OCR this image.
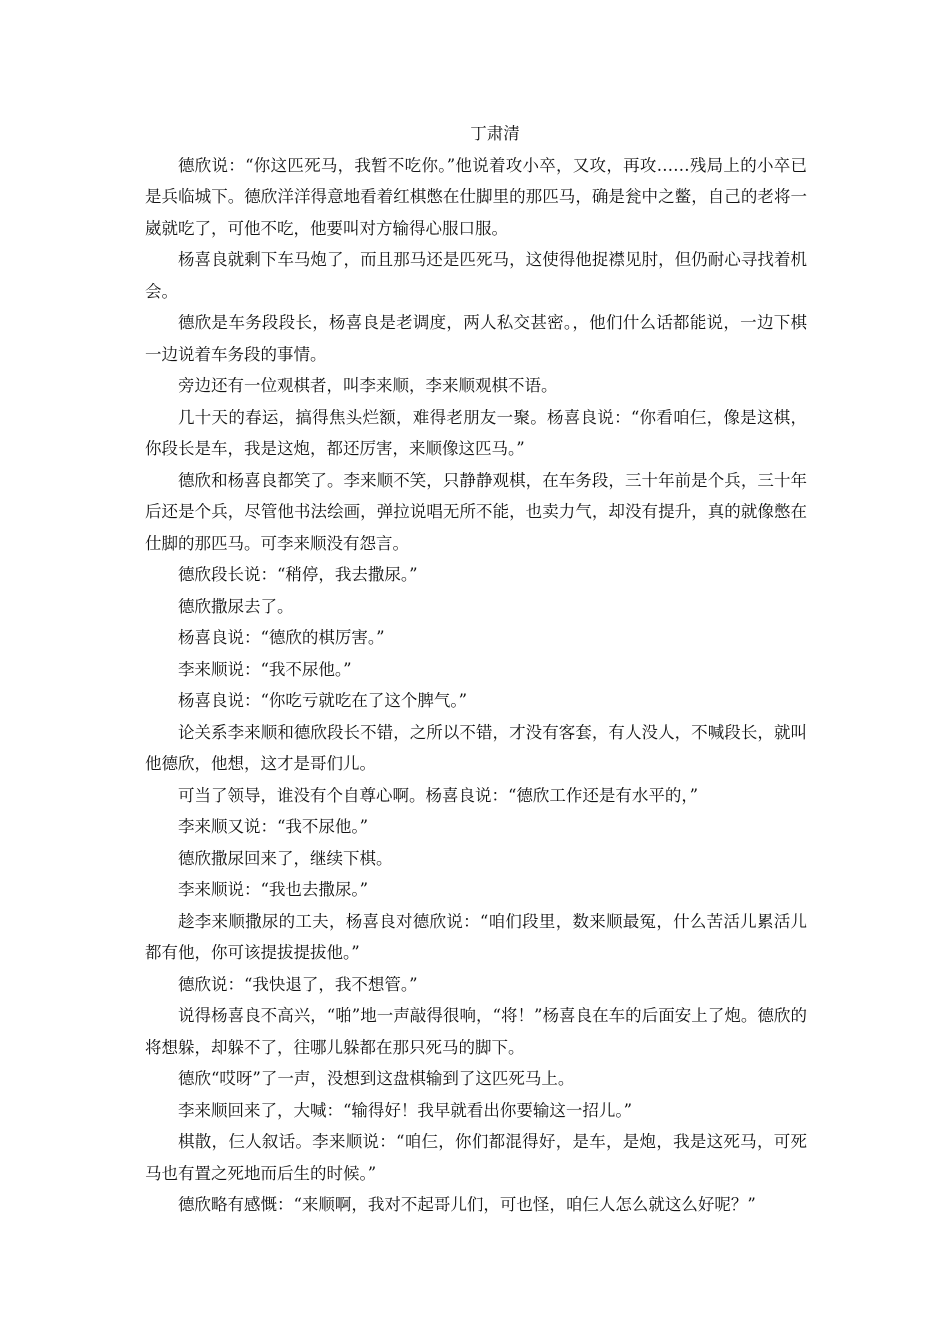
丁肃清

德欣说：“你这匹死马，我暂不吃你。”他说着攻小卒，又攻，再攻……残局上的小卒已是兵临城下。德欣洋洋得意地看着红棋憋在仕脚里的那匹马，确是瓮中之鳖，自己的老将一崴就吃了，可他不吃，他要叫对方输得心服口服。

杨喜良就剩下车马炮了，而且那马还是匹死马，这使得他捉襟见肘，但仍耐心寻找着机会。

德欣是车务段段长，杨喜良是老调度，两人私交甚密。，他们什么话都能说，一边下棋一边说着车务段的事情。

旁边还有一位观棋者，叫李来顺，李来顺观棋不语。

几十天的春运，搞得焦头烂额，难得老朋友一聚。杨喜良说：“你看咱仨，像是这棋，你段长是车，我是这炮，都还厉害，来顺像这匹马。”

德欣和杨喜良都笑了。李来顺不笑，只静静观棋，在车务段，三十年前是个兵，三十年后还是个兵，尽管他书法绘画，弹拉说唱无所不能，也卖力气，却没有提升，真的就像憋在仕脚的那匹马。可李来顺没有怨言。

德欣段长说：“稍停，我去撒尿。”

德欣撒尿去了。

杨喜良说：“德欣的棋厉害。”

李来顺说：“我不尿他。”

杨喜良说：“你吃亏就吃在了这个脾气。”

论关系李来顺和德欣段长不错，之所以不错，才没有客套，有人没人，不喊段长，就叫他德欣，他想，这才是哥们儿。

可当了领导，谁没有个自尊心啊。杨喜良说：“德欣工作还是有水平的，”

李来顺又说：“我不尿他。”

德欣撒尿回来了，继续下棋。

李来顺说：“我也去撒尿。”

趁李来顺撒尿的工夫，杨喜良对德欣说：“咱们段里，数来顺最冤，什么苦活儿累活儿都有他，你可该提拔提拔他。”

德欣说：“我快退了，我不想管。”

说得杨喜良不高兴，“啪”地一声敲得很响，“将！”杨喜良在车的后面安上了炮。德欣的将想躲，却躲不了，往哪儿躲都在那只死马的脚下。

德欣“哎呀”了一声，没想到这盘棋输到了这匹死马上。

李来顺回来了，大喊：“输得好！我早就看出你要输这一招儿。”

棋散，仨人叙话。李来顺说：“咱仨，你们都混得好，是车，是炮，我是这死马，可死马也有置之死地而后生的时候。”

德欣略有感慨：“来顺啊，我对不起哥儿们，可也怪，咱仨人怎么就这么好呢？”
